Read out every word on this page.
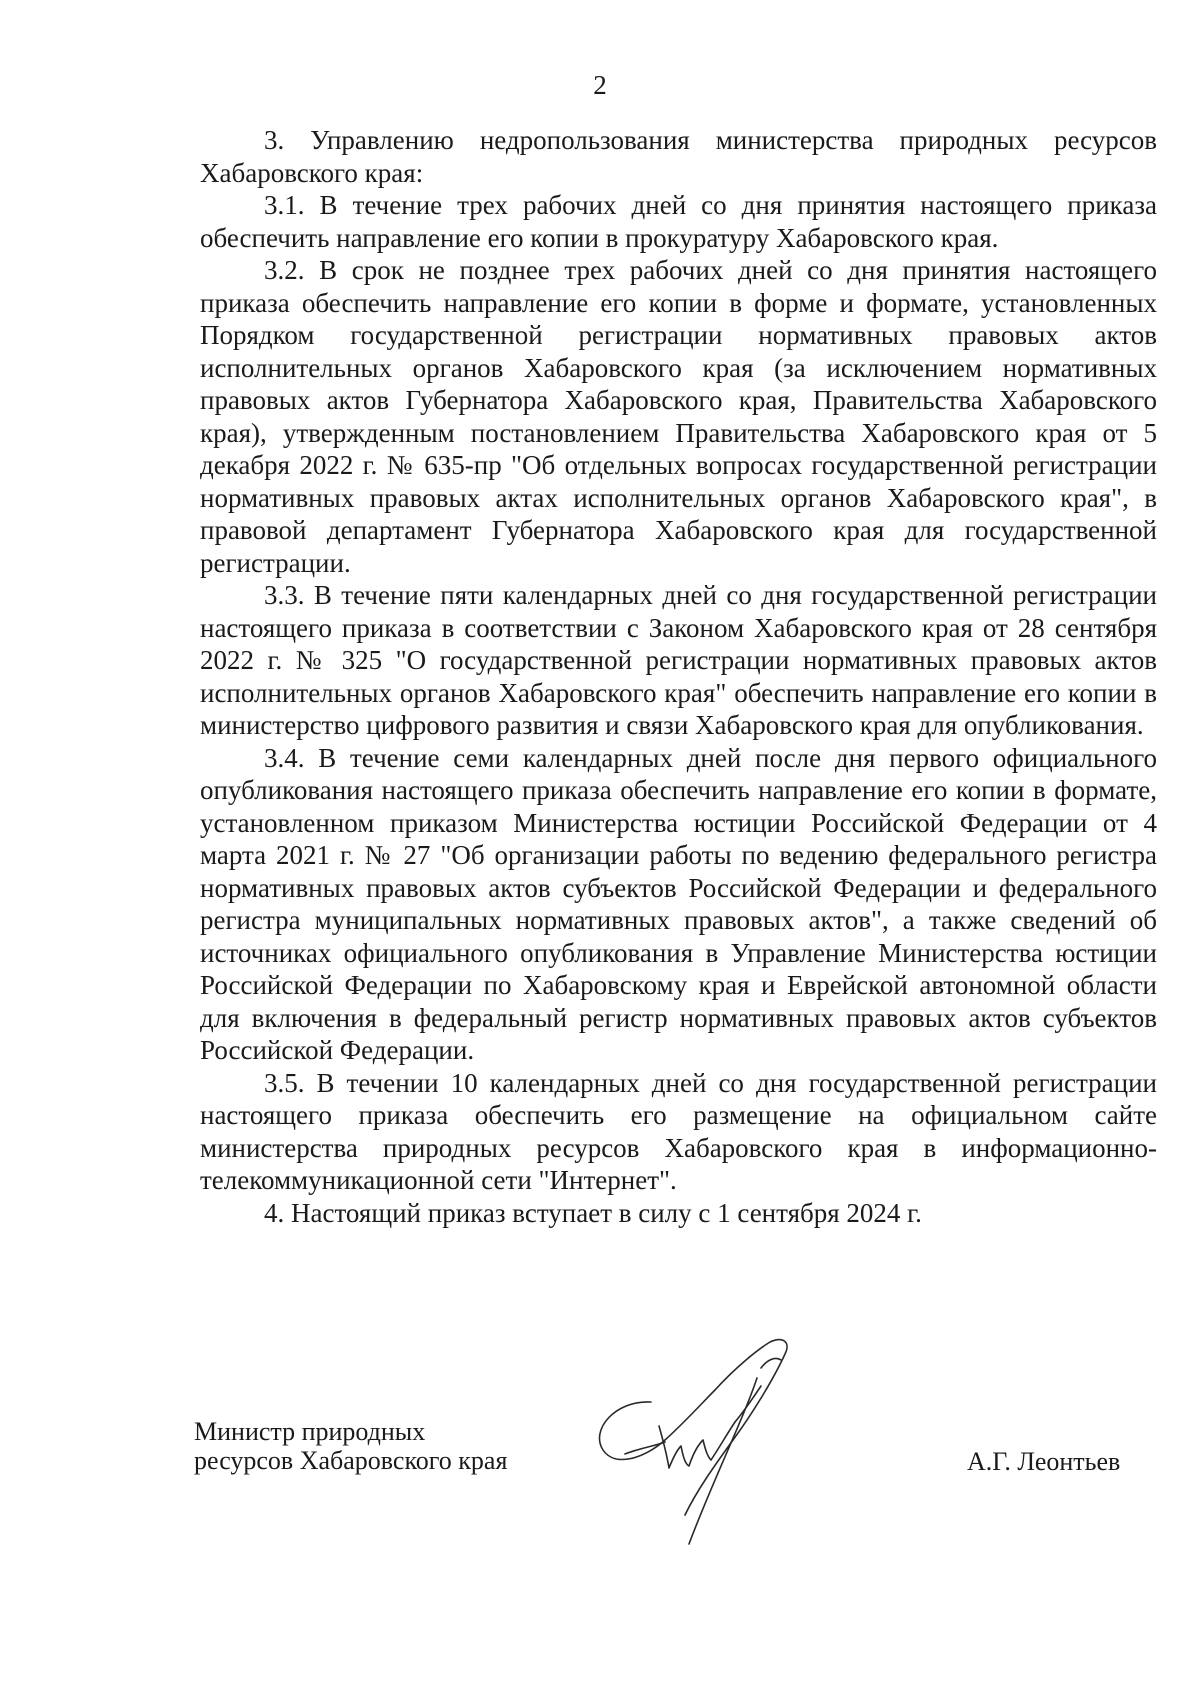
2

3. Управлению недропользования министерства природных ресурсов Хабаровского края:

3.1. В течение трех рабочих дней со дня принятия настоящего приказа обеспечить направление его копии в прокуратуру Хабаровского края.

3.2. В срок не позднее трех рабочих дней со дня принятия настоящего приказа обеспечить направление его копии в форме и формате, установленных Порядком государственной регистрации нормативных правовых актов исполнительных органов Хабаровского края (за исключением нормативных правовых актов Губернатора Хабаровского края, Правительства Хабаровского края), утвержденным постановлением Правительства Хабаровского края от 5 декабря 2022 г. № 635-пр "Об отдельных вопросах государственной регистрации нормативных правовых актах исполнительных органов Хабаровского края", в правовой департамент Губернатора Хабаровского края для государственной регистрации.

3.3. В течение пяти календарных дней со дня государственной регистрации настоящего приказа в соответствии с Законом Хабаровского края от 28 сентября 2022 г. № 325 "О государственной регистрации нормативных правовых актов исполнительных органов Хабаровского края" обеспечить направление его копии в министерство цифрового развития и связи Хабаровского края для опубликования.

3.4. В течение семи календарных дней после дня первого официального опубликования настоящего приказа обеспечить направление его копии в формате, установленном приказом Министерства юстиции Российской Федерации от 4 марта 2021 г. № 27 "Об организации работы по ведению федерального регистра нормативных правовых актов субъектов Российской Федерации и федерального регистра муниципальных нормативных правовых актов", а также сведений об источниках официального опубликования в Управление Министерства юстиции Российской Федерации по Хабаровскому края и Еврейской автономной области для включения в федеральный регистр нормативных правовых актов субъектов Российской Федерации.

3.5. В течении 10 календарных дней со дня государственной регистрации настоящего приказа обеспечить его размещение на официальном сайте министерства природных ресурсов Хабаровского края в информационно-телекоммуникационной сети "Интернет".

4. Настоящий приказ вступает в силу с 1 сентября 2024 г.

Министр природных
ресурсов Хабаровского края	А.Г. Леонтьев
